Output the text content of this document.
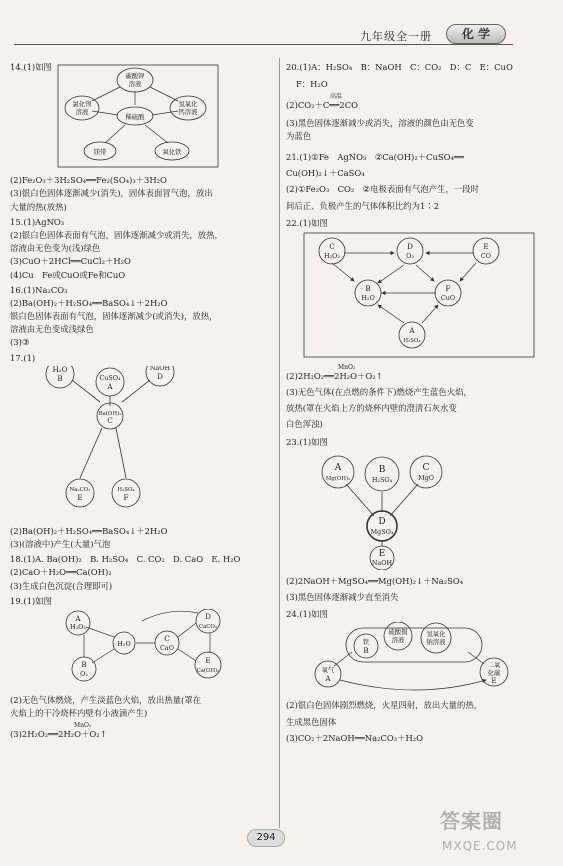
九年级全一册	化 学
14.(1)如图
碳酸钾
溶液
氯化钡
溶液
氢氧化
钙溶液
稀硫酸
镁带	氧化铁
(2)Fe₂O₃＋3H₂SO₄══Fe₂(SO₄)₃＋3H₂O
(3)银白色固体逐渐减少(消失)，固体表面冒气泡，放出
大量的热(放热)
15.(1)AgNO₃
(2)银白色固体表面有气泡，固体逐渐减少或消失，放热，
溶液由无色变为(浅)绿色
(3)CuO＋2HCl══CuCl₂＋H₂O
(4)Cu　Fe或CuO或Fe和CuO
16.(1)Na₂CO₃
(2)Ba(OH)₂＋H₂SO₄══BaSO₄↓＋2H₂O
银白色固体表面有气泡，固体逐渐减少(或消失)，放热，
溶液由无色变成浅绿色
(3)③
17.(1)
H₂O
B	CuSO₄
A
NaOH
D
Ba(OH)₂
C
Na₂CO₃
E
H₂SO₄
F
(2)Ba(OH)₂＋H₂SO₄══BaSO₄↓＋2H₂O
(3)(溶液中)产生(大量)气泡
18.(1)A. Ba(OH)₂　B. H₂SO₄　C. CO₂　D. CaO　E. H₂O
(2)CaO＋H₂O══Ca(OH)₂
(3)生成白色沉淀(合理即可)
19.(1)如图
A
H₂O₂
B
O₂
H₂O
C
CaO
D
CaCO₃
E
Ca(OH)₂
(2)无色气体燃烧，产生淡蓝色火焰，放出热量(罩在
火焰上的干冷烧杯内壁有小液滴产生)
MnO₂
(3)2H₂O₂══2H₂O＋O₂↑
20.(1)A：H₂SO₄　B：NaOH　C：CO₂　D：C　E：CuO
F：H₂O
高温
(2)CO₂＋C══2CO
(3)黑色固体逐渐减少或消失，溶液的颜色由无色变
为蓝色
21.(1)①Fe　AgNO₃　②Ca(OH)₂＋CuSO₄══
Cu(OH)₂↓＋CaSO₄
(2)①Fe₂O₃　CO₂　②电极表面有气泡产生，一段时
间后正、负极产生的气体体积比约为1∶2
22.(1)如图
C
H₂O₂
D
O₂
E
CO
B
H₂O
F
CuO
A
H₂SO₄
MnO₂
(2)2H₂O₂══2H₂O＋O₂↑
(3)无色气体(在点燃的条件下)燃烧产生蓝色火焰，
放热(罩在火焰上方的烧杯内壁的澄清石灰水变
白色浑浊)
23.(1)如图
A
Mg(OH)₂
B
H₂SO₄
C
MgO
D
MgSO₄
E
NaOH
(2)2NaOH＋MgSO₄══Mg(OH)₂↓＋Na₂SO₄
(3)黑色固体逐渐减少直至消失
24.(1)如图
氧气
A
铁
B
硫酸铜
溶液
氢氧化
钠溶液
二氧
化碳
E
(2)银白色固体剧烈燃烧，火星四射，放出大量的热，
生成黑色固体
(3)CO₂＋2NaOH══Na₂CO₃＋H₂O
294
答案圈
MXQE.COM
